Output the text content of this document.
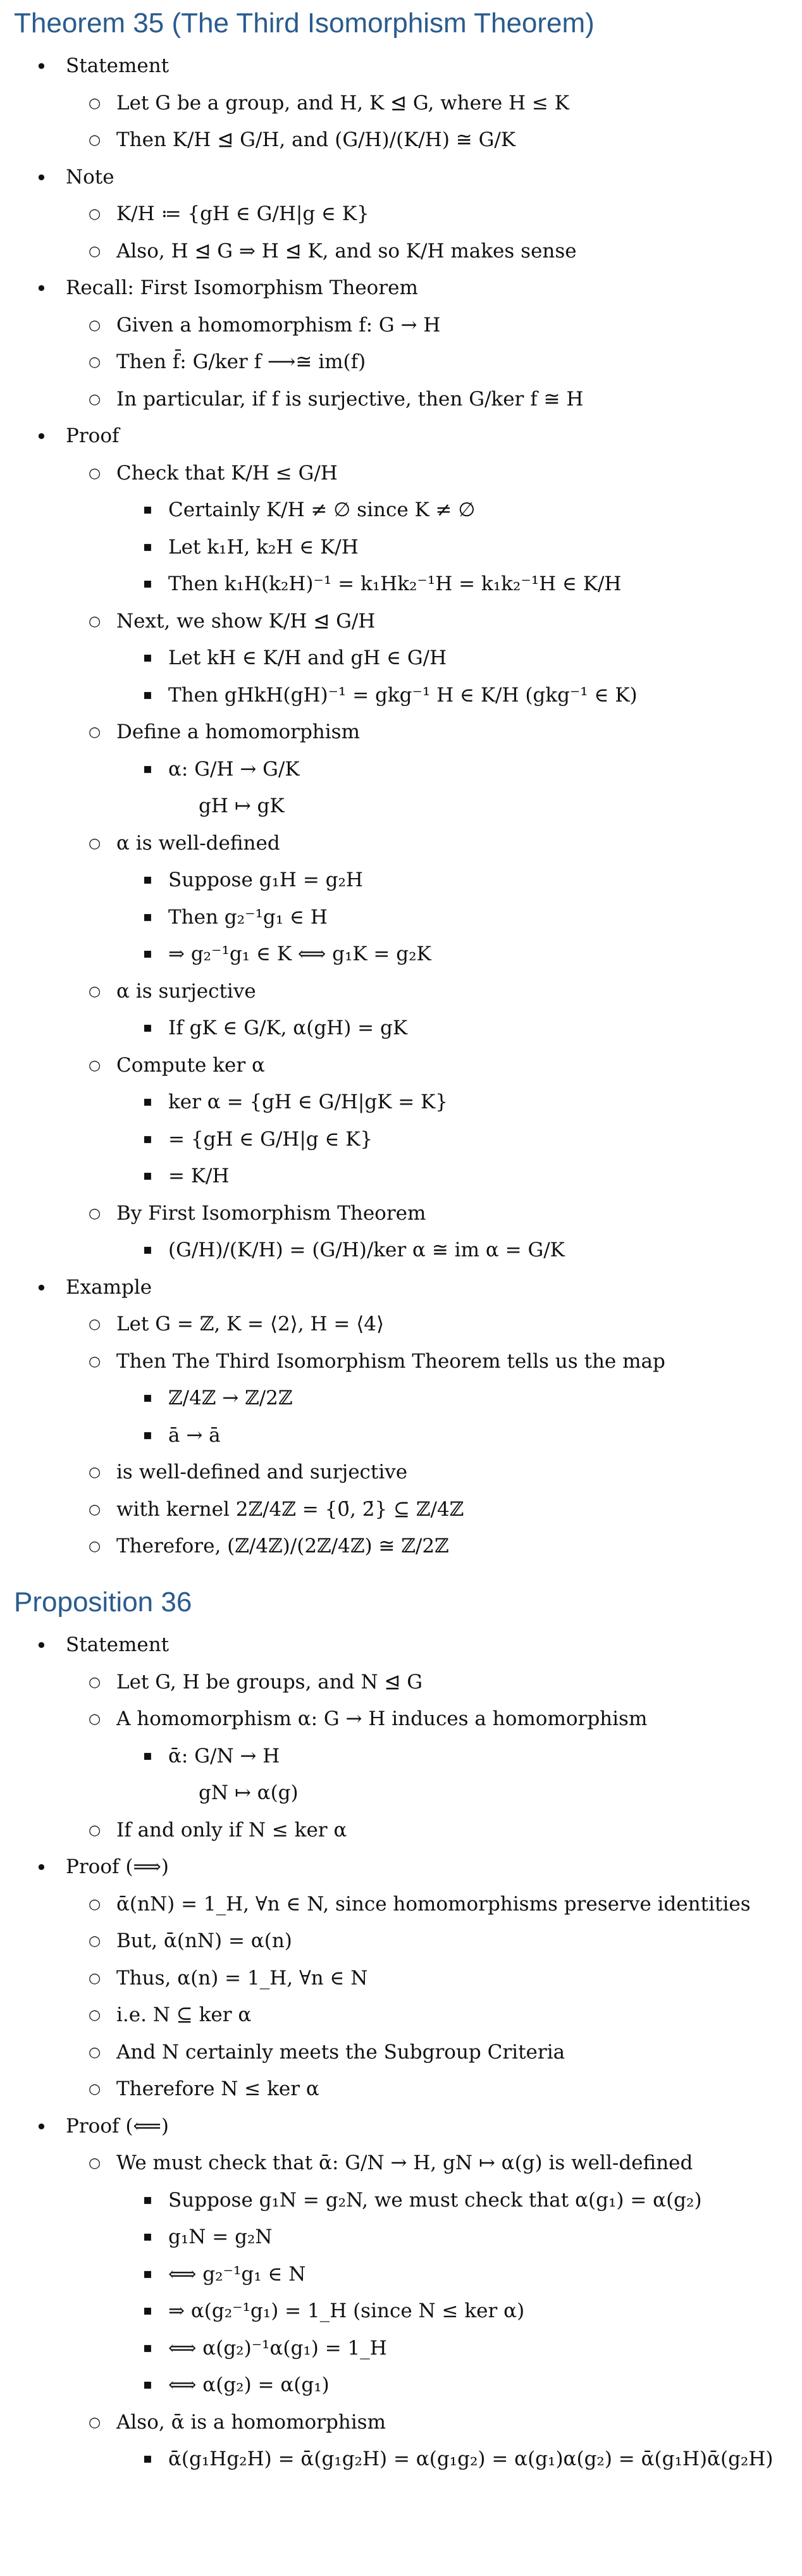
Theorem 35 (The Third Isomorphism Theorem)
• Statement
○ Let G be a group, and H, K ⊴ G, where H ≤ K
○ Then K/H ⊴ G/H, and (G/H)/(K/H) ≅ G/K
• Note
○ K/H ≔ {gH ∈ G/H|g ∈ K}
○ Also, H ⊴ G ⇒ H ⊴ K, and so K/H makes sense
• Recall: First Isomorphism Theorem
○ Given a homomorphism f: G → H
○ Then f̄: G/ker f ⟶≅ im(f)
○ In particular, if f is surjective, then G/ker f ≅ H
• Proof
○ Check that K/H ≤ G/H
▪ Certainly K/H ≠ ∅ since K ≠ ∅
▪ Let k₁H, k₂H ∈ K/H
▪ Then k₁H(k₂H)⁻¹ = k₁Hk₂⁻¹H = k₁k₂⁻¹H ∈ K/H
○ Next, we show K/H ⊴ G/H
▪ Let kH ∈ K/H and gH ∈ G/H
▪ Then gHkH(gH)⁻¹ = gkg⁻¹ H ∈ K/H (gkg⁻¹ ∈ K)
○ Define a homomorphism
▪ α: G/H → G/K
gH ↦ gK
○ α is well-defined
▪ Suppose g₁H = g₂H
▪ Then g₂⁻¹g₁ ∈ H
▪ ⇒ g₂⁻¹g₁ ∈ K ⟺ g₁K = g₂K
○ α is surjective
▪ If gK ∈ G/K, α(gH) = gK
○ Compute ker α
▪ ker α = {gH ∈ G/H|gK = K}
▪ = {gH ∈ G/H|g ∈ K}
▪ = K/H
○ By First Isomorphism Theorem
▪ (G/H)/(K/H) = (G/H)/ker α ≅ im α = G/K
• Example
○ Let G = ℤ, K = ⟨2⟩, H = ⟨4⟩
○ Then The Third Isomorphism Theorem tells us the map
▪ ℤ/4ℤ → ℤ/2ℤ
▪ ā → ā
○ is well-defined and surjective
○ with kernel 2ℤ/4ℤ = {0̄, 2̄} ⊆ ℤ/4ℤ
○ Therefore, (ℤ/4ℤ)/(2ℤ/4ℤ) ≅ ℤ/2ℤ
Proposition 36
• Statement
○ Let G, H be groups, and N ⊴ G
○ A homomorphism α: G → H induces a homomorphism
▪ ᾱ: G/N → H
gN ↦ α(g)
○ If and only if N ≤ ker α
• Proof (⟹)
○ ᾱ(nN) = 1_H, ∀n ∈ N, since homomorphisms preserve identities
○ But, ᾱ(nN) = α(n)
○ Thus, α(n) = 1_H, ∀n ∈ N
○ i.e. N ⊆ ker α
○ And N certainly meets the Subgroup Criteria
○ Therefore N ≤ ker α
• Proof (⟸)
○ We must check that ᾱ: G/N → H, gN ↦ α(g) is well-defined
▪ Suppose g₁N = g₂N, we must check that α(g₁) = α(g₂)
▪ g₁N = g₂N
▪ ⟺ g₂⁻¹g₁ ∈ N
▪ ⇒ α(g₂⁻¹g₁) = 1_H (since N ≤ ker α)
▪ ⟺ α(g₂)⁻¹α(g₁) = 1_H
▪ ⟺ α(g₂) = α(g₁)
○ Also, ᾱ is a homomorphism
▪ ᾱ(g₁Hg₂H) = ᾱ(g₁g₂H) = α(g₁g₂) = α(g₁)α(g₂) = ᾱ(g₁H)ᾱ(g₂H)
